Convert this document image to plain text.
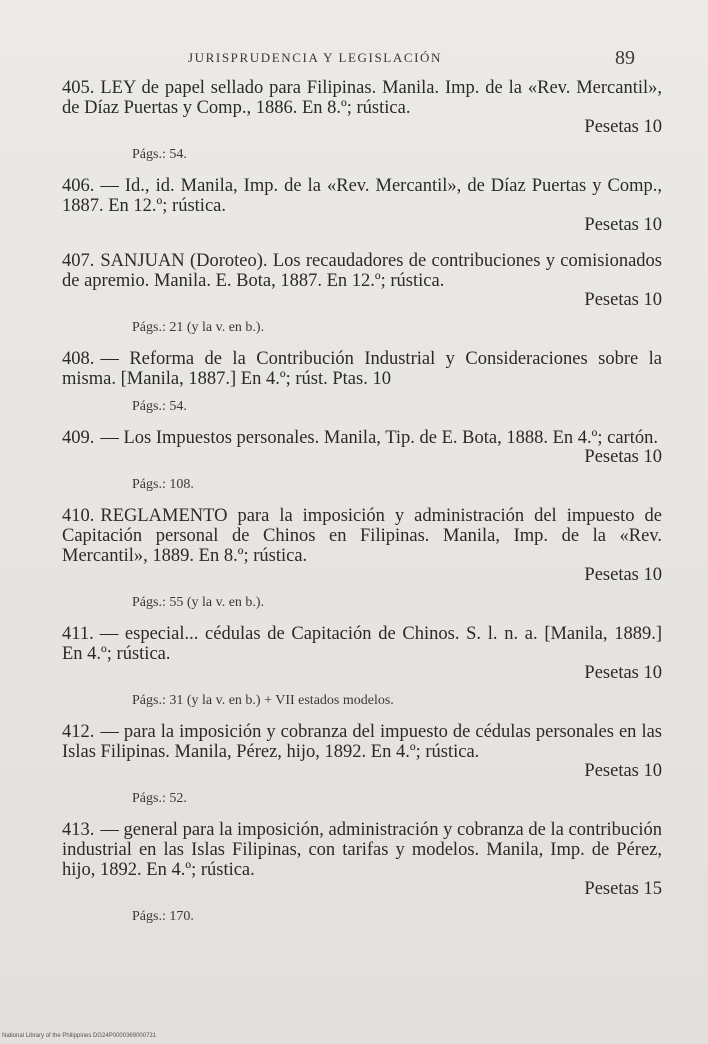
JURISPRUDENCIA Y LEGISLACIÓN	89
405. LEY de papel sellado para Filipinas. Manila. Imp. de la «Rev. Mercantil», de Díaz Puertas y Comp., 1886. En 8.º; rústica.
Pesetas 10
Págs.: 54.
406. — Id., id. Manila, Imp. de la «Rev. Mercantil», de Díaz Puertas y Comp., 1887. En 12.º; rústica.
Pesetas 10
407. SANJUAN (Doroteo). Los recaudadores de contribuciones y comisionados de apremio. Manila. E. Bota, 1887. En 12.º; rústica.
Pesetas 10
Págs.: 21 (y la v. en b.).
408. — Reforma de la Contribución Industrial y Consideraciones sobre la misma. [Manila, 1887.] En 4.º; rúst. Ptas. 10
Págs.: 54.
409. — Los Impuestos personales. Manila, Tip. de E. Bota, 1888. En 4.º; cartón.
Pesetas 10
Págs.: 108.
410. REGLAMENTO para la imposición y administración del impuesto de Capitación personal de Chinos en Filipinas. Manila, Imp. de la «Rev. Mercantil», 1889. En 8.º; rústica.
Pesetas 10
Págs.: 55 (y la v. en b.).
411. — especial... cédulas de Capitación de Chinos. S. l. n. a. [Manila, 1889.] En 4.º; rústica.
Pesetas 10
Págs.: 31 (y la v. en b.) + VII estados modelos.
412. — para la imposición y cobranza del impuesto de cédulas personales en las Islas Filipinas. Manila, Pérez, hijo, 1892. En 4.º; rústica.
Pesetas 10
Págs.: 52.
413. — general para la imposición, administración y cobranza de la contribución industrial en las Islas Filipinas, con tarifas y modelos. Manila, Imp. de Pérez, hijo, 1892. En 4.º; rústica.
Pesetas 15
Págs.: 170.
National Library of the Philippines DG24P0000369000731
